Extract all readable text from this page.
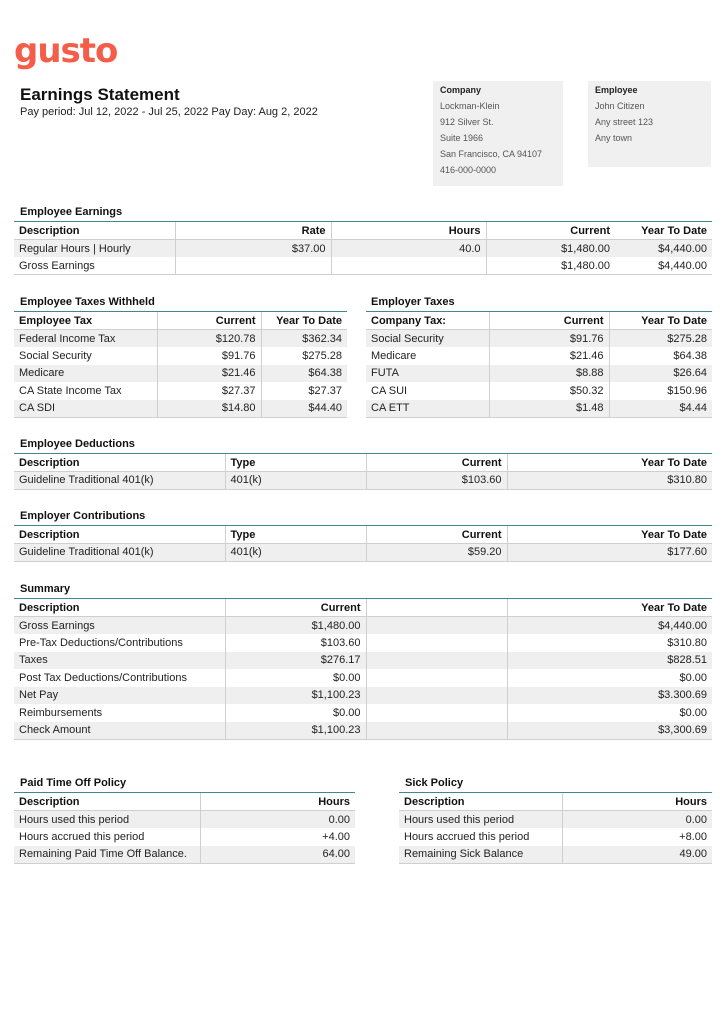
gusto
Earnings Statement
Pay period: Jul 12, 2022 - Jul 25, 2022 Pay Day: Aug 2, 2022
Company
Lockman-Klein
912 Silver St.
Suite 1966
San Francisco, CA 94107
416-000-0000
Employee
John Citizen
Any street 123
Any town
Employee Earnings
Description	Rate	Hours	Current	Year To Date
Regular Hours | Hourly	$37.00	40.0	$1,480.00	$4,440.00
Gross Earnings			$1,480.00	$4,440.00
Employee Taxes Withheld
Employee Tax	Current	Year To Date
Federal Income Tax	$120.78	$362.34
Social Security	$91.76	$275.28
Medicare	$21.46	$64.38
CA State Income Tax	$27.37	$27.37
CA SDI	$14.80	$44.40
Employer Taxes
Company Tax:	Current	Year To Date
Social Security	$91.76	$275.28
Medicare	$21.46	$64.38
FUTA	$8.88	$26.64
CA SUI	$50.32	$150.96
CA ETT	$1.48	$4.44
Employee Deductions
Description	Type	Current	Year To Date
Guideline Traditional 401(k)	401(k)	$103.60	$310.80
Employer Contributions
Description	Type	Current	Year To Date
Guideline Traditional 401(k)	401(k)	$59.20	$177.60
Summary
Description	Current		Year To Date
Gross Earnings	$1,480.00		$4,440.00
Pre-Tax Deductions/Contributions	$103.60		$310.80
Taxes	$276.17		$828.51
Post Tax Deductions/Contributions	$0.00		$0.00
Net Pay	$1,100.23		$3.300.69
Reimbursements	$0.00		$0.00
Check Amount	$1,100.23		$3,300.69
Paid Time Off Policy
Description	Hours
Hours used this period	0.00
Hours accrued this period	+4.00
Remaining Paid Time Off Balance.	64.00
Sick Policy
Description	Hours
Hours used this period	0.00
Hours accrued this period	+8.00
Remaining Sick Balance	49.00
